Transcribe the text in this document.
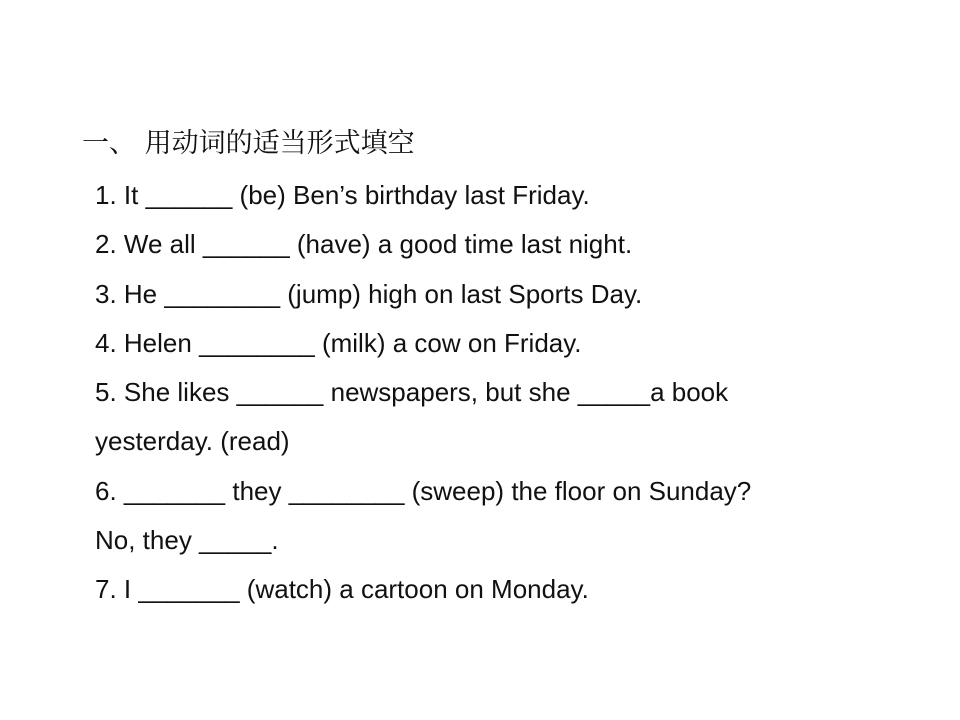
一、 用动词的适当形式填空
1. It ______ (be) Ben’s birthday last Friday.
2. We all ______ (have) a good time last night.
3. He ________ (jump) high on last Sports Day.
4. Helen ________ (milk) a cow on Friday.
5. She likes ______ newspapers, but she _____a book
yesterday. (read)
6. _______ they ________ (sweep) the floor on Sunday?
No, they _____.
7. I _______ (watch) a cartoon on Monday.
